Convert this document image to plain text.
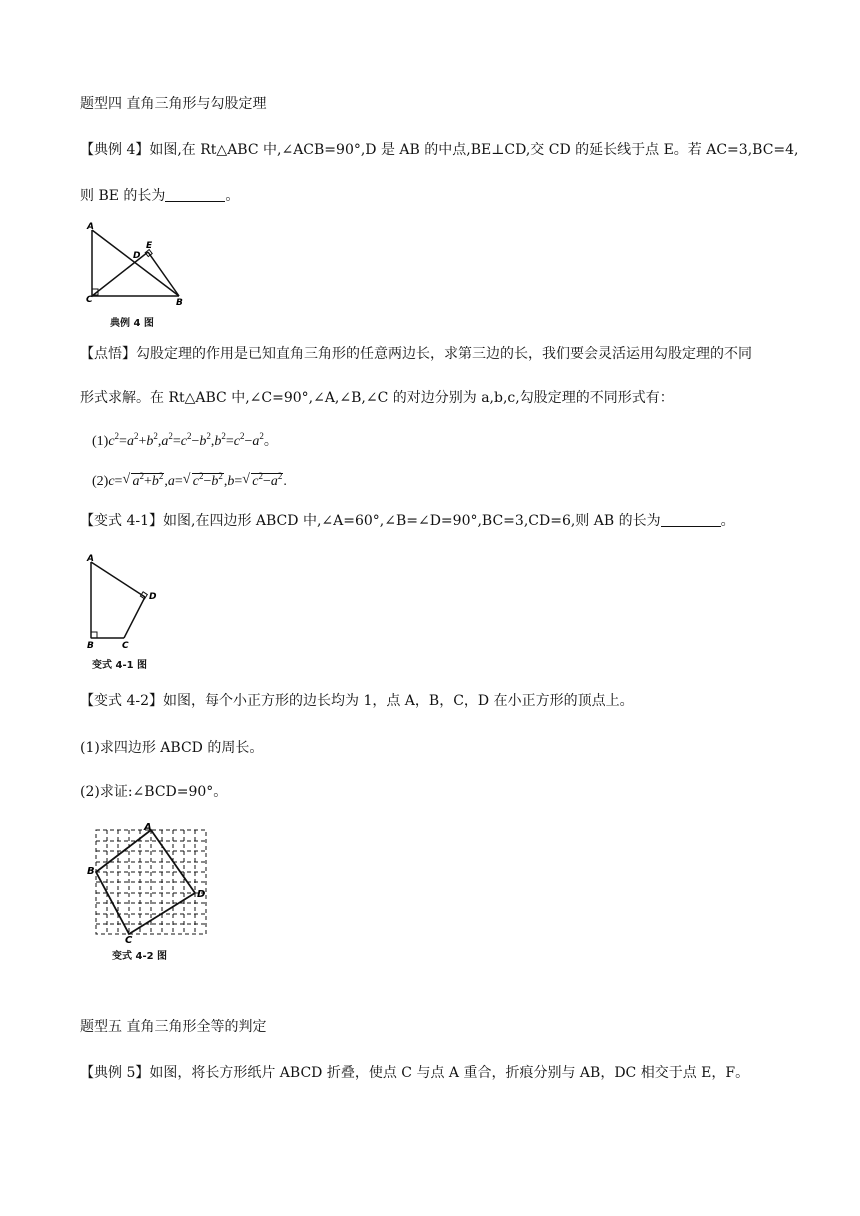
题型四 直角三角形与勾股定理
【典例 4】如图,在 Rt△ABC 中,∠ACB=90°,D 是 AB 的中点,BE⊥CD,交 CD 的延长线于点 E。若 AC=3,BC=4,
则 BE 的长为	。
A
C	B
D
E
典例 4 图
【点悟】勾股定理的作用是已知直角三角形的任意两边长，求第三边的长，我们要会灵活运用勾股定理的不同
形式求解。在 Rt△ABC 中,∠C=90°,∠A,∠B,∠C 的对边分别为 a,b,c,勾股定理的不同形式有：
$(1)c^2=a^2+b^2,a^2=c^2-b^2,b^2=c^2-a^2$。
(2)c=√ $a^2+b^2,a=√$ $c^2-b^2,b=√$ $c^2-a^2$.
【变式 4-1】如图,在四边形 ABCD 中,∠A=60°,∠B=∠D=90°,BC=3,CD=6,则 AB 的长为	。
A
B	C
D
变式 4-1 图
【变式 4-2】如图，每个小正方形的边长均为 1，点 A，B，C，D 在小正方形的顶点上。
(1)求四边形 ABCD 的周长。
(2)求证:∠BCD=90°。
A
B
C
D
变式 4-2 图
题型五 直角三角形全等的判定
【典例 5】如图，将长方形纸片 ABCD 折叠，使点 C 与点 A 重合，折痕分别与 AB，DC 相交于点 E，F。
